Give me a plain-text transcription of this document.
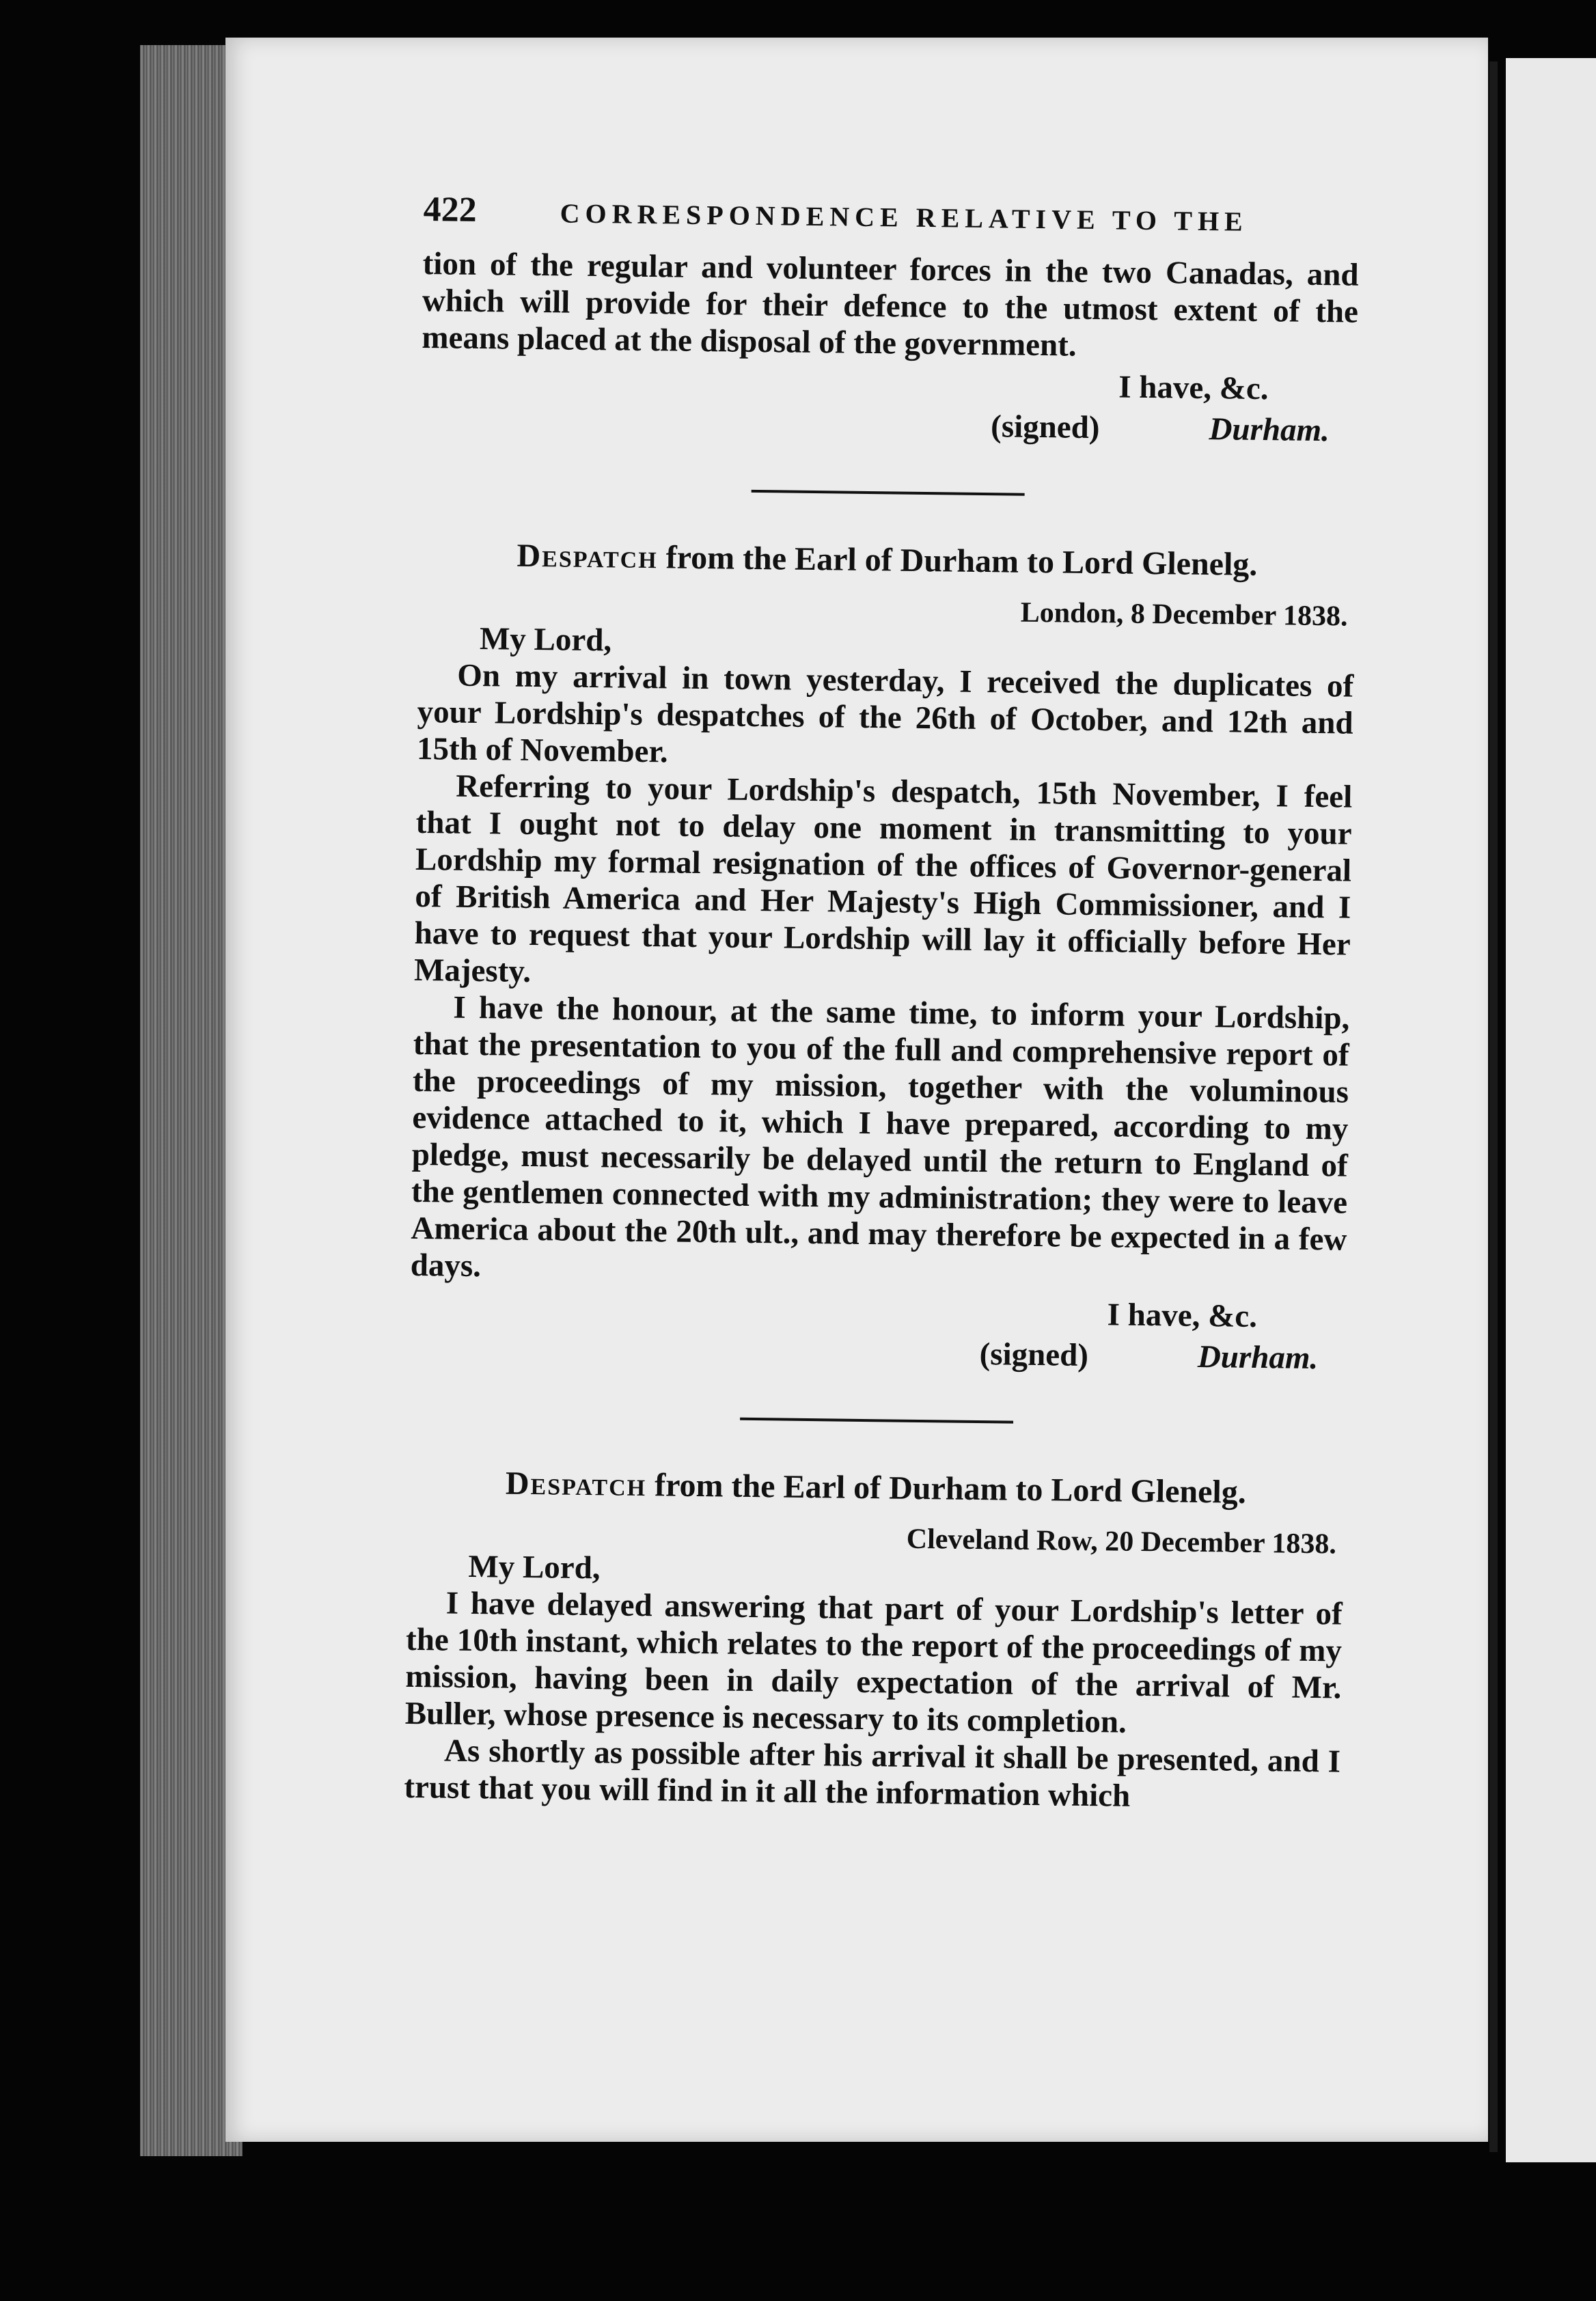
422	CORRESPONDENCE RELATIVE TO THE

tion of the regular and volunteer forces in the two Canadas, and which will provide for their defence to the utmost extent of the means placed at the disposal of the government.

I have, &c.
(signed)	Durham.
Despatch from the Earl of Durham to Lord Glenelg.
London, 8 December 1838.
My Lord,

On my arrival in town yesterday, I received the duplicates of your Lordship's despatches of the 26th of October, and 12th and 15th of November.

Referring to your Lordship's despatch, 15th November, I feel that I ought not to delay one moment in transmitting to your Lordship my formal resignation of the offices of Governor-general of British America and Her Majesty's High Commissioner, and I have to request that your Lordship will lay it officially before Her Majesty.

I have the honour, at the same time, to inform your Lordship, that the presentation to you of the full and comprehensive report of the proceedings of my mission, together with the voluminous evidence attached to it, which I have prepared, according to my pledge, must necessarily be delayed until the return to England of the gentlemen connected with my administration; they were to leave America about the 20th ult., and may therefore be expected in a few days.

I have, &c.
(signed)	Durham.
Despatch from the Earl of Durham to Lord Glenelg.
Cleveland Row, 20 December 1838.
My Lord,

I have delayed answering that part of your Lordship's letter of the 10th instant, which relates to the report of the proceedings of my mission, having been in daily expectation of the arrival of Mr. Buller, whose presence is necessary to its completion.

As shortly as possible after his arrival it shall be presented, and I trust that you will find in it all the information which
